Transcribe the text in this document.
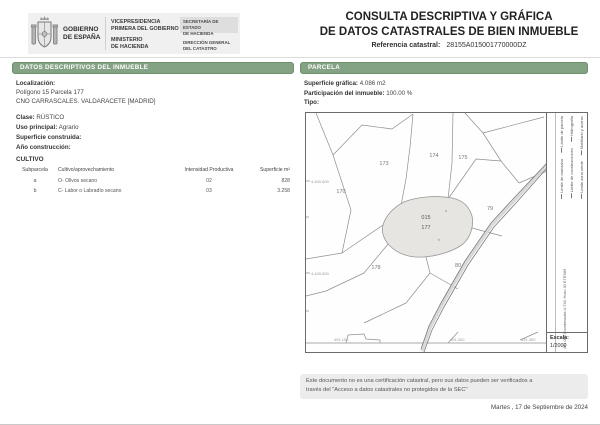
GOBIERNO
DE ESPAÑA
VICEPRESIDENCIA
PRIMERA DEL GOBIERNO
MINISTERIO
DE HACIENDA
SECRETARÍA DE ESTADO
DE HACIENDA
DIRECCIÓN GENERAL
DEL CATASTRO
CONSULTA DESCRIPTIVA Y GRÁFICA
DE DATOS CATASTRALES DE BIEN INMUEBLE
Referencia catastral: 28155A015001770000DZ
DATOS DESCRIPTIVOS DEL INMUEBLE
Localización:
Polígono 15 Parcela 177
CNO CARRASCALES. VALDARACETE [MADRID]
Clase: RÚSTICO
Uso principal: Agrario
Superficie construida:
Año construcción:
CULTIVO
Subparcela	Cultivo/aprovechamiento	Intensidad Productiva	Superficie m²
a	O- Olivos secano	02	828
b	C- Labor o Labradío secano	03	3.258
PARCELA
Superficie gráfica: 4.086 m2
Participación del inmueble: 100.00 %
Tipo:
170
173
174	175
79
178	80
015
177
a
b
4.440.600
4.440.500
491.100	491.200	491.300
Límite de parcela
Límite de manzana
Hidrografía
Límite de construcciones
Mobiliario y aceras
Límite zona verde
491.000 Coordenadas U.T.M. Huso 30 ETRS89
Escala:
1/2000
Este documento no es una certificación catastral, pero sus datos pueden ser verificados a
través del "Acceso a datos catastrales no protegidos de la SEC"
Martes , 17 de Septiembre de 2024
